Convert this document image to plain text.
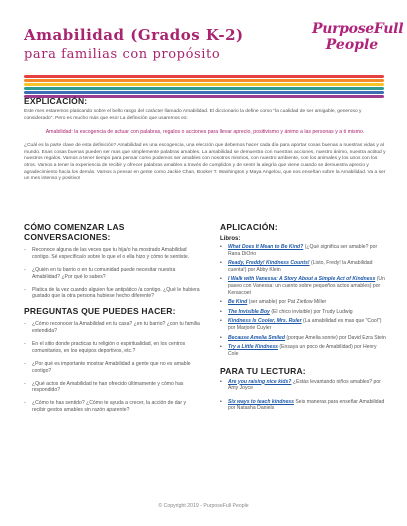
Amabilidad (Grados K-2)
para familias con propósito
PurposeFull
People
EXPLICACIÓN:

Este mes estaremos platicando sobre el bello rasgo del carácter llamado Amabilidad. El diccionario la define como "la cualidad de ser amigable, generoso y considerado". Pero es mucho más que eso! La definición que usaremos es:

Amabilidad: la escogencia de actuar con palabras, regalos o acciones para llevar aprecio, positivismo y ánimo a las personas y a ti mismo.

¿Cuál es la parte clave de esta definición? Amabilidad es una escogencia, una elección que debemos hacer cada día para aportar cosas buenas a nuestras vidas y al mundo. Esas cosas buenas pueden ser mas que simplemente palabras amables. La amabilidad se demuestra con nuestras acciones, nuestro ánimo, nuestra actitud y nuestros regalos. Vamos a tener tiempo para pensar como podemos ser amables con nosotros mismos, con nuestro ambiente, con los animales y los unos con los otros. Vamos a tener la experiencia de recibir y ofrecer palabras amables a través de cumplidos y de sentir la alegría que viene cuando se demuestra aprecio y agradecimiento hacia los demás. Vamos a pensar en gente como Jackie Chan, Booker T. Washington y Maya Angelou, que nos enseñan sobre la Amabilidad. Va a ser un mes intenso y positivo!

CÓMO COMENZAR LAS CONVERSACIONES:
- Reconoce alguna de las veces que tu hija/o ha mostrado Amabilidad contigo. Sé específica/o sobre lo que el o ella hizo y cómo te sentiste.
- ¿Quién en tu barrio o en tu comunidad puede necesitar nuestra Amabilidad? ¿Por qué lo sabes?
- Platica de la vez cuando alguien fue antipático /a contigo. ¿Qué le hubiera gustado que la otra persona hubiese hecho diferente?
PREGUNTAS QUE PUEDES HACER:
- ¿Cómo reconocer la Amabilidad en tu casa? ¿en tu barrio? ¿con tu familia extendida?
- En el sitio donde practicas tu religión o espiritualidad, en los centros comunitarios, en los equipos deportivos, etc.?
- ¿Por qué es importante mostrar Amabilidad a gente que no es amable contigo?
- ¿Qué actos de Amabilidad te han ofrecido últimamente y cómo has respondido?
- ¿Cómo te has sentido? ¿Cómo te ayuda a crecer, la acción de dar y recibir gestos amables sin razón aparente?
APLICACIÓN:
Libros:
• What Does It Mean to Be Kind? (¿Qué significa ser amable? por Rana DiOrio
• Ready, Freddy! Kindness Counts! (Listo, Fredy! la Amabilidad cuenta!) por Abby Klein
• I Walk with Vanessa: A Story About a Simple Act of Kindness (Un paseo con Vanessa: un cuento sobre pequeños actos amables) por Kerascoet
• Be Kind (ser amable) por Pat Zietlow Miller
• The Invisible Boy (El chico invisible) por Trudy Ludwig
• Kindness Is Cooler, Mrs. Ruler (La amabilidad es mas que "Cool") por Marjorie Cuyler
• Because Amelia Smiled (porque Amelia sonrie) por David Ezra Stein
• Try a Little Kindness (Ensaya un poco de Amabilidad) por Henry Cole
PARA TU LECTURA:
• Are you raising nice kids? ¿Estás levantando niños amables? por Amy Joyce
• Six ways to teach kindness Seis maneras para enseñar Amabilidad por Natasha Daniels
© Copyright 2019 - PurposeFull People
